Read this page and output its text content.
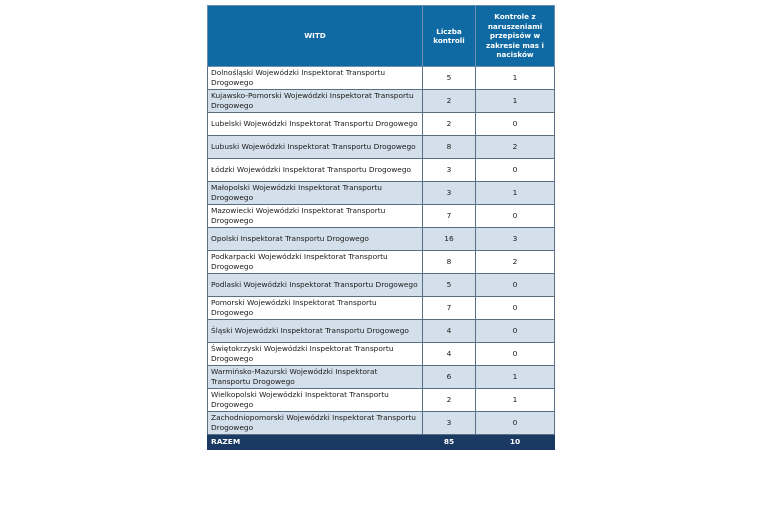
WITD	Liczba kontroli	Kontrole z naruszeniami przepisów w zakresie mas i nacisków
Dolnośląski Wojewódzki Inspektorat Transportu Drogowego	5	1
Kujawsko-Pomorski Wojewódzki Inspektorat Transportu Drogowego	2	1
Lubelski Wojewódzki Inspektorat Transportu Drogowego	2	0
Lubuski Wojewódzki Inspektorat Transportu Drogowego	8	2
Łódzki Wojewódzki Inspektorat Transportu Drogowego	3	0
Małopolski Wojewódzki Inspektorat Transportu Drogowego	3	1
Mazowiecki Wojewódzki Inspektorat Transportu Drogowego	7	0
Opolski Inspektorat Transportu Drogowego	16	3
Podkarpacki Wojewódzki Inspektorat Transportu Drogowego	8	2
Podlaski Wojewódzki Inspektorat Transportu Drogowego	5	0
Pomorski Wojewódzki Inspektorat Transportu Drogowego	7	0
Śląski Wojewódzki Inspektorat Transportu Drogowego	4	0
Świętokrzyski Wojewódzki Inspektorat Transportu Drogowego	4	0
Warmińsko-Mazurski Wojewódzki Inspektorat Transportu Drogowego	6	1
Wielkopolski Wojewódzki Inspektorat Transportu Drogowego	2	1
Zachodniopomorski Wojewódzki Inspektorat Transportu Drogowego	3	0
RAZEM	85	10
